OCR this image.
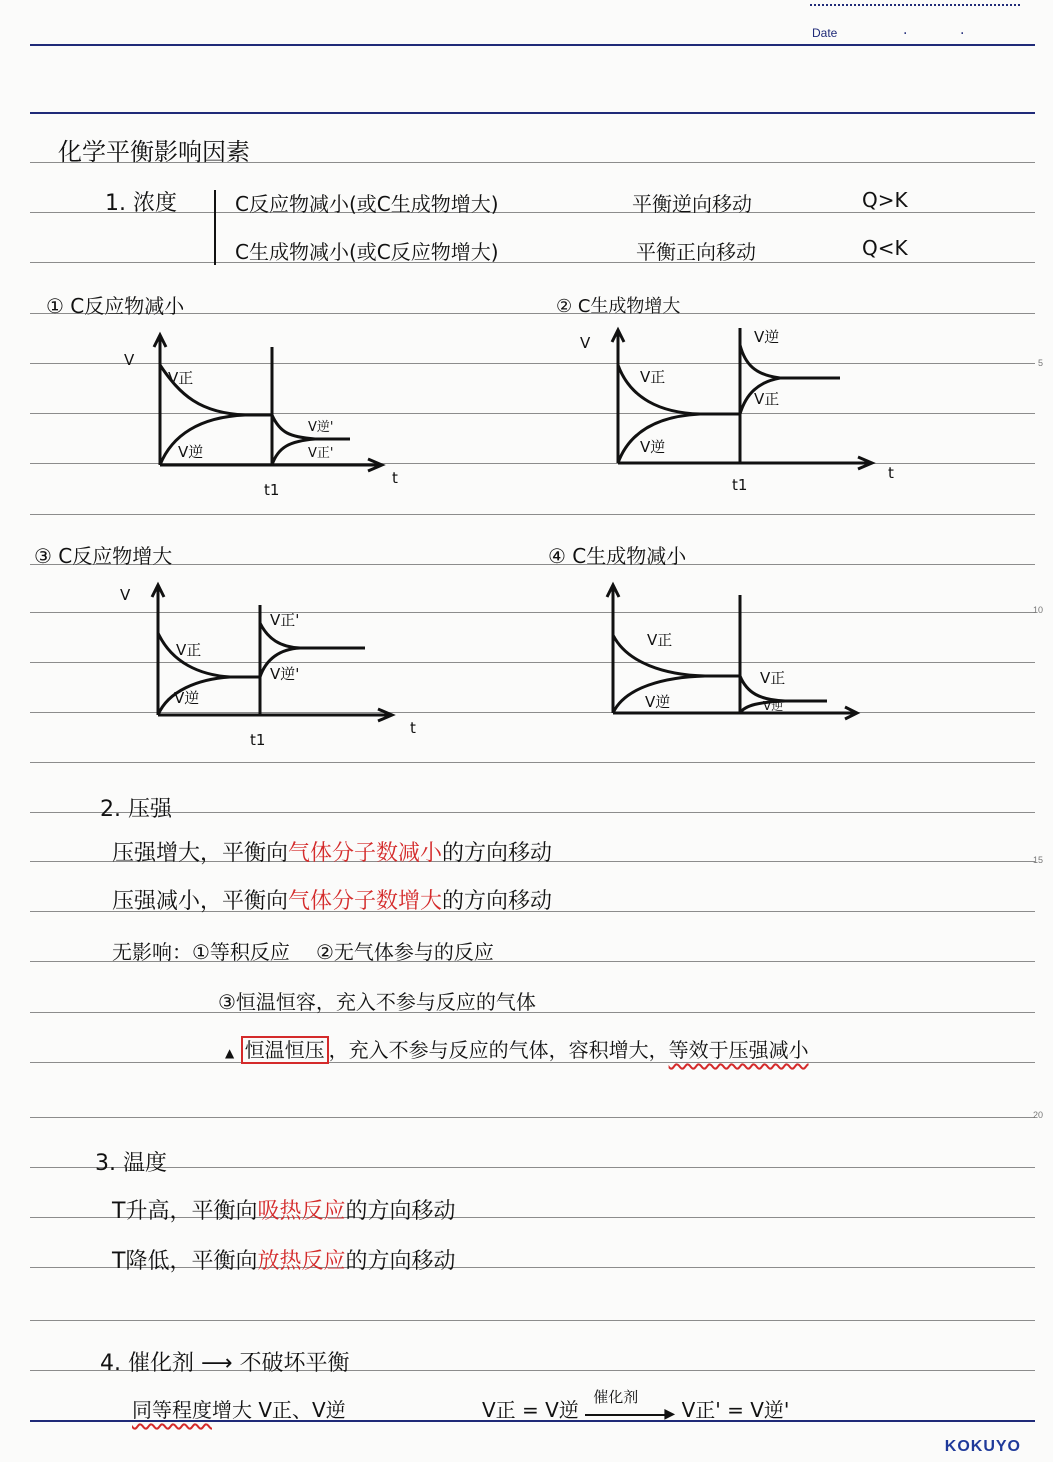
Date	·	·
5
10
15
20
化学平衡影响因素
1. 浓度	C反应物减小(或C生成物增大)	平衡逆向移动	Q>K
C生成物减小(或C反应物增大)	平衡正向移动	Q<K
① C反应物减小	② C生成物增大
③ C反应物增大	④ C生成物减小
V
t
t1
V正
V逆
V逆'
V正'
V
t
t1
V正
V逆
V逆
V正
V
t
t1
V正
V逆
V正'
V逆'
V正
V逆
V正
V逆
2. 压强
压强增大，平衡向气体分子数减小的方向移动
压强减小，平衡向气体分子数增大的方向移动
无影响：①等积反应 ②无气体参与的反应
③恒温恒容，充入不参与反应的气体
▲ 恒温恒压 ，充入不参与反应的气体，容积增大，等效于压强减小
3. 温度
T升高，平衡向吸热反应的方向移动
T降低，平衡向放热反应的方向移动
4. 催化剂 ⟶ 不破坏平衡
同等程度增大 V正、V逆	V正 = V逆
催化剂
▶ V正' = V逆'
KOKUYO
